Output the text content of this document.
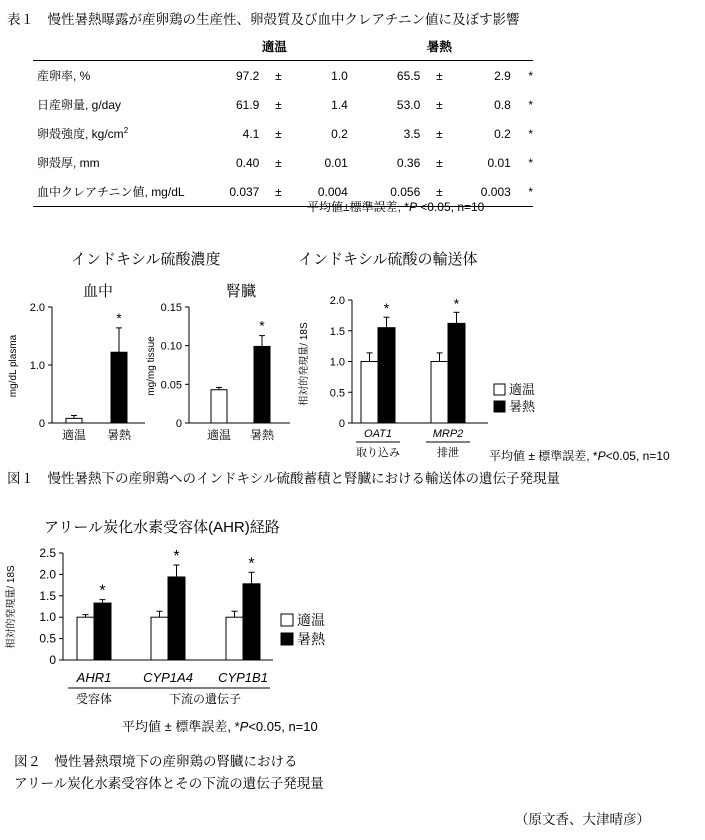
表１　慢性暑熱曝露が産卵鶏の生産性、卵殻質及び血中クレアチニン値に及ぼす影響
	適温				暑熱			
産卵率, %	97.2	±	1.0		65.5	±	2.9	*
日産卵量, g/day	61.9	±	1.4		53.0	±	0.8	*
卵殻強度, $kg/cm^2$	4.1	±	0.2		3.5	±	0.2	*
卵殻厚, mm	0.40	±	0.01		0.36	±	0.01	*
血中クレアチニン値, mg/dL	0.037	±	0.004		0.056	±	0.003	*
平均値±標準誤差, *P <0.05, n=10
インドキシル硫酸濃度	インドキシル硫酸の輸送体
0
1.0
2.0
mg/dL plasma
血中
適温
*
暑熱
0
0.05
0.10
0.15
mg/mg tissue
腎臓
適温
*
暑熱
0
0.5
1.0
1.5
2.0
相対的発現量/ 18S
*
OAT1
*
MRP2
取り込み	排泄
適温
暑熱
平均値 ± 標準誤差, *P<0.05, n=10
図１　慢性暑熱下の産卵鶏へのインドキシル硫酸蓄積と腎臓における輸送体の遺伝子発現量
アリール炭化水素受容体(AHR)経路
0
0.5
1.0
1.5
2.0
2.5
相対的発現量/ 18S	*
AHR1
*
CYP1A4
*
CYP1B1
受容体	下流の遺伝子
適温
暑熱
平均値 ± 標準誤差, *P<0.05, n=10
図２　慢性暑熱環境下の産卵鶏の腎臓における
アリール炭化水素受容体とその下流の遺伝子発現量
（原文香、大津晴彦）
